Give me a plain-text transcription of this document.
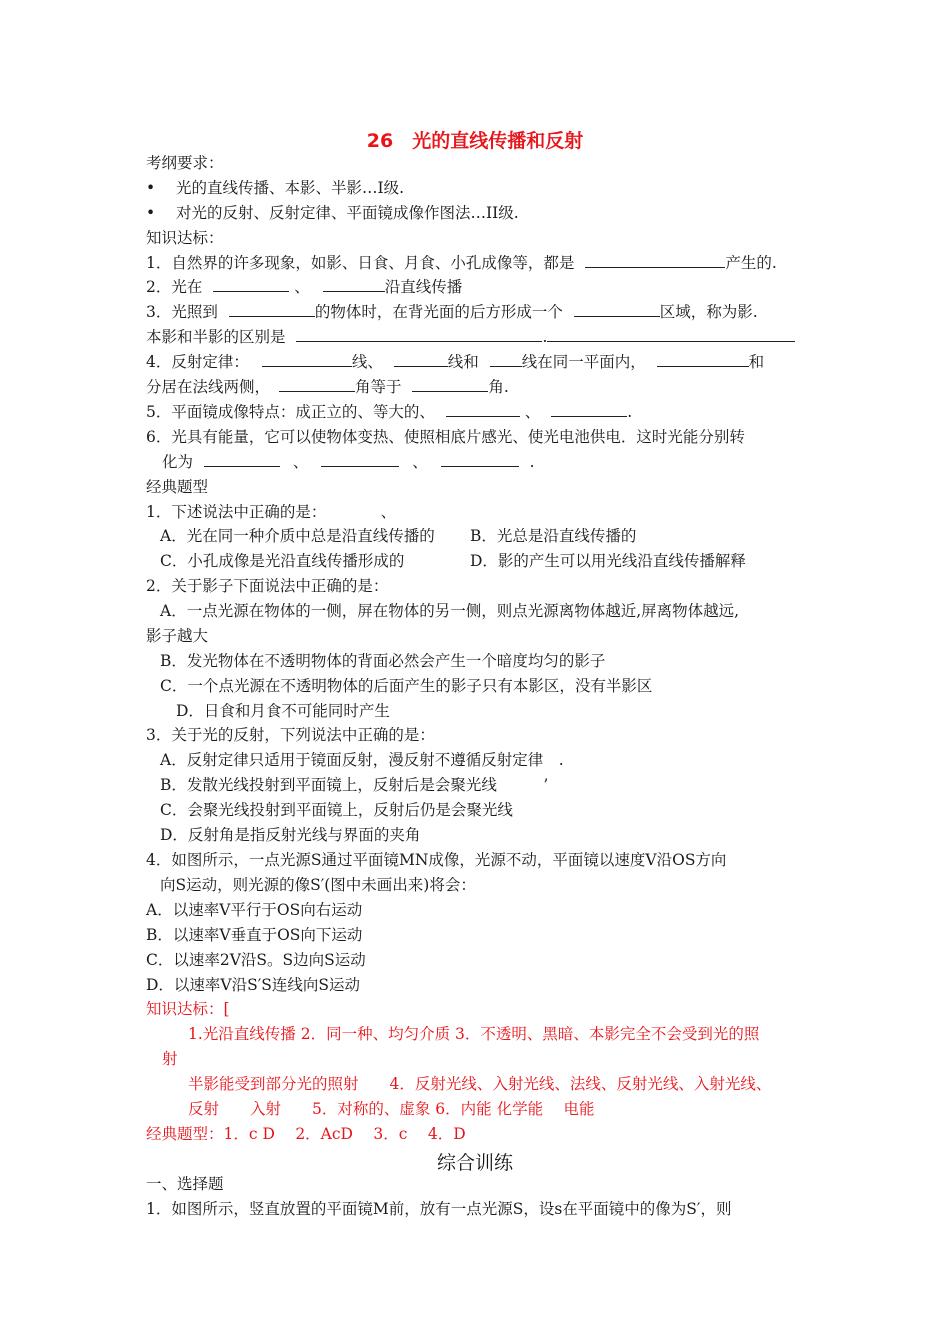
26　光的直线传播和反射
考纲要求：
• 光的直线传播、本影、半影…Ⅰ级.
• 对光的反射、反射定律、平面镜成像作图法…ⅠⅠ级.
知识达标：
1．自然界的许多现象，如影、日食、月食、小孔成像等，都是	产生的.
2．光在	、	沿直线传播
3．光照到	的物体时，在背光面的后方形成一个	区域，称为影.
本影和半影的区别是	.
4．反射定律：	线、	线和	线在同一平面内，	和
分居在法线两侧，	角等于	角.
5．平面镜成像特点：成正立的、等大的、	、	.
6．光具有能量，它可以使物体变热、使照相底片感光、使光电池供电．这时光能分别转
化为	、	、	.
经典题型
1．下述说法中正确的是：　　　　、
A．光在同一种介质中总是沿直线传播的 B．光总是沿直线传播的
C．小孔成像是光沿直线传播形成的	D．影的产生可以用光线沿直线传播解释
2．关于影子下面说法中正确的是：
A．一点光源在物体的一侧，屏在物体的另一侧，则点光源离物体越近,屏离物体越远,
影子越大
B．发光物体在不透明物体的背面必然会产生一个暗度均匀的影子
C．一个点光源在不透明物体的后面产生的影子只有本影区，没有半影区
D．日食和月食不可能同时产生
3．关于光的反射，下列说法中正确的是：
A．反射定律只适用于镜面反射，漫反射不遵循反射定律　.
B．发散光线投射到平面镜上，反射后是会聚光线　　　’
C．会聚光线投射到平面镜上，反射后仍是会聚光线
D．反射角是指反射光线与界面的夹角
4．如图所示，一点光源S通过平面镜MN成像，光源不动，平面镜以速度V沿OS方向
向S运动，则光源的像S′(图中未画出来)将会：
A．以速率V平行于OS向右运动
B．以速率V垂直于OS向下运动
C．以速率2V沿S。S边向S运动
D．以速率V沿S′S连线向S运动
知识达标：[
1.光沿直线传播 2．同一种、均匀介质 3．不透明、黑暗、本影完全不会受到光的照
射
半影能受到部分光的照射　　4．反射光线、入射光线、法线、反射光线、入射光线、
反射　　入射　　5．对称的、虚象 6．内能 化学能　 电能
经典题型：1．c D　 2．AcD　 3．c　 4．D
综合训练
一、选择题
1．如图所示，竖直放置的平面镜M前，放有一点光源S，设s在平面镜中的像为S′，则
